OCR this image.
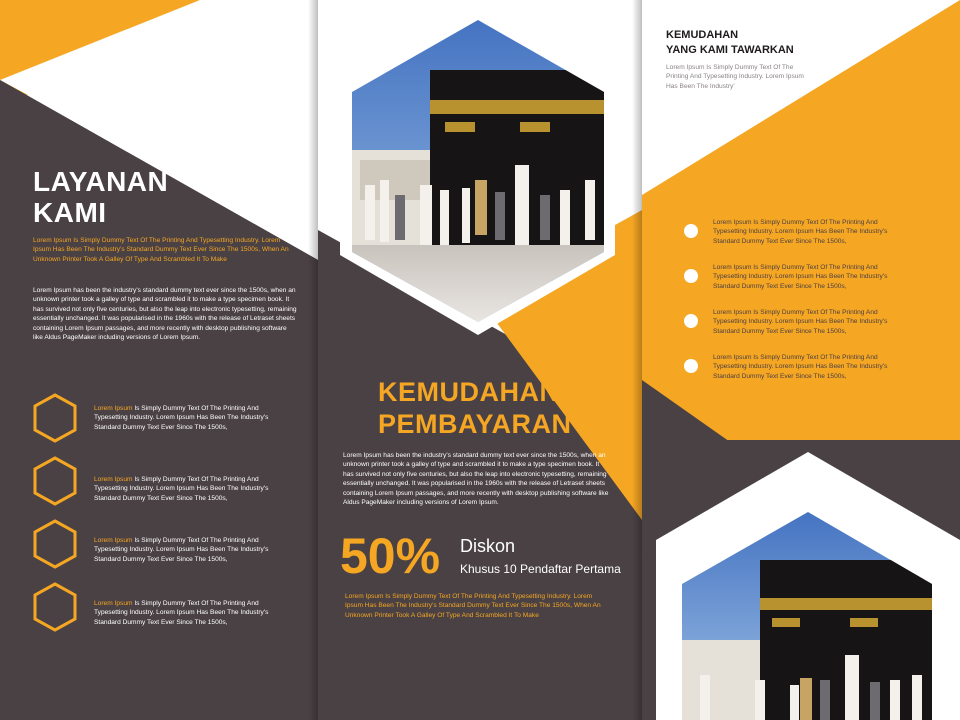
LAYANAN
KAMI
Lorem Ipsum Is Simply Dummy Text Of The Printing And Typesetting Industry. Lorem Ipsum Has Been The Industry's Standard Dummy Text Ever Since The 1500s, When An Unknown Printer Took A Galley Of Type And Scrambled It To Make
Lorem Ipsum has been the industry's standard dummy text ever since the 1500s, when an unknown printer took a galley of type and scrambled it to make a type specimen book. It has survived not only five centuries, but also the leap into electronic typesetting, remaining essentially unchanged. It was popularised in the 1960s with the release of Letraset sheets containing Lorem Ipsum passages, and more recently with desktop publishing software like Aldus PageMaker including versions of Lorem Ipsum.
Lorem Ipsum Is Simply Dummy Text Of The Printing And Typesetting Industry. Lorem Ipsum Has Been The Industry's Standard Dummy Text Ever Since The 1500s,
Lorem Ipsum Is Simply Dummy Text Of The Printing And Typesetting Industry. Lorem Ipsum Has Been The Industry's Standard Dummy Text Ever Since The 1500s,
Lorem Ipsum Is Simply Dummy Text Of The Printing And Typesetting Industry. Lorem Ipsum Has Been The Industry's Standard Dummy Text Ever Since The 1500s,
Lorem Ipsum Is Simply Dummy Text Of The Printing And Typesetting Industry. Lorem Ipsum Has Been The Industry's Standard Dummy Text Ever Since The 1500s,
KEMUDAHAN
PEMBAYARAN
Lorem Ipsum has been the industry's standard dummy text ever since the 1500s, when an unknown printer took a galley of type and scrambled it to make a type specimen book. It has survived not only five centuries, but also the leap into electronic typesetting, remaining essentially unchanged. It was popularised in the 1960s with the release of Letraset sheets containing Lorem Ipsum passages, and more recently with desktop publishing software like Aldus PageMaker including versions of Lorem Ipsum.
50% Diskon
Khusus 10 Pendaftar Pertama
Lorem Ipsum Is Simply Dummy Text Of The Printing And Typesetting Industry. Lorem Ipsum Has Been The Industry's Standard Dummy Text Ever Since The 1500s, When An Unknown Printer Took A Galley Of Type And Scrambled It To Make
KEMUDAHAN
YANG KAMI TAWARKAN
Lorem Ipsum Is Simply Dummy Text Of The Printing And Typesetting Industry. Lorem Ipsum Has Been The Industry'
Lorem Ipsum Is Simply Dummy Text Of The Printing And Typesetting Industry. Lorem Ipsum Has Been The Industry's Standard Dummy Text Ever Since The 1500s,
Lorem Ipsum Is Simply Dummy Text Of The Printing And Typesetting Industry. Lorem Ipsum Has Been The Industry's Standard Dummy Text Ever Since The 1500s,
Lorem Ipsum Is Simply Dummy Text Of The Printing And Typesetting Industry. Lorem Ipsum Has Been The Industry's Standard Dummy Text Ever Since The 1500s,
Lorem Ipsum Is Simply Dummy Text Of The Printing And Typesetting Industry. Lorem Ipsum Has Been The Industry's Standard Dummy Text Ever Since The 1500s,
